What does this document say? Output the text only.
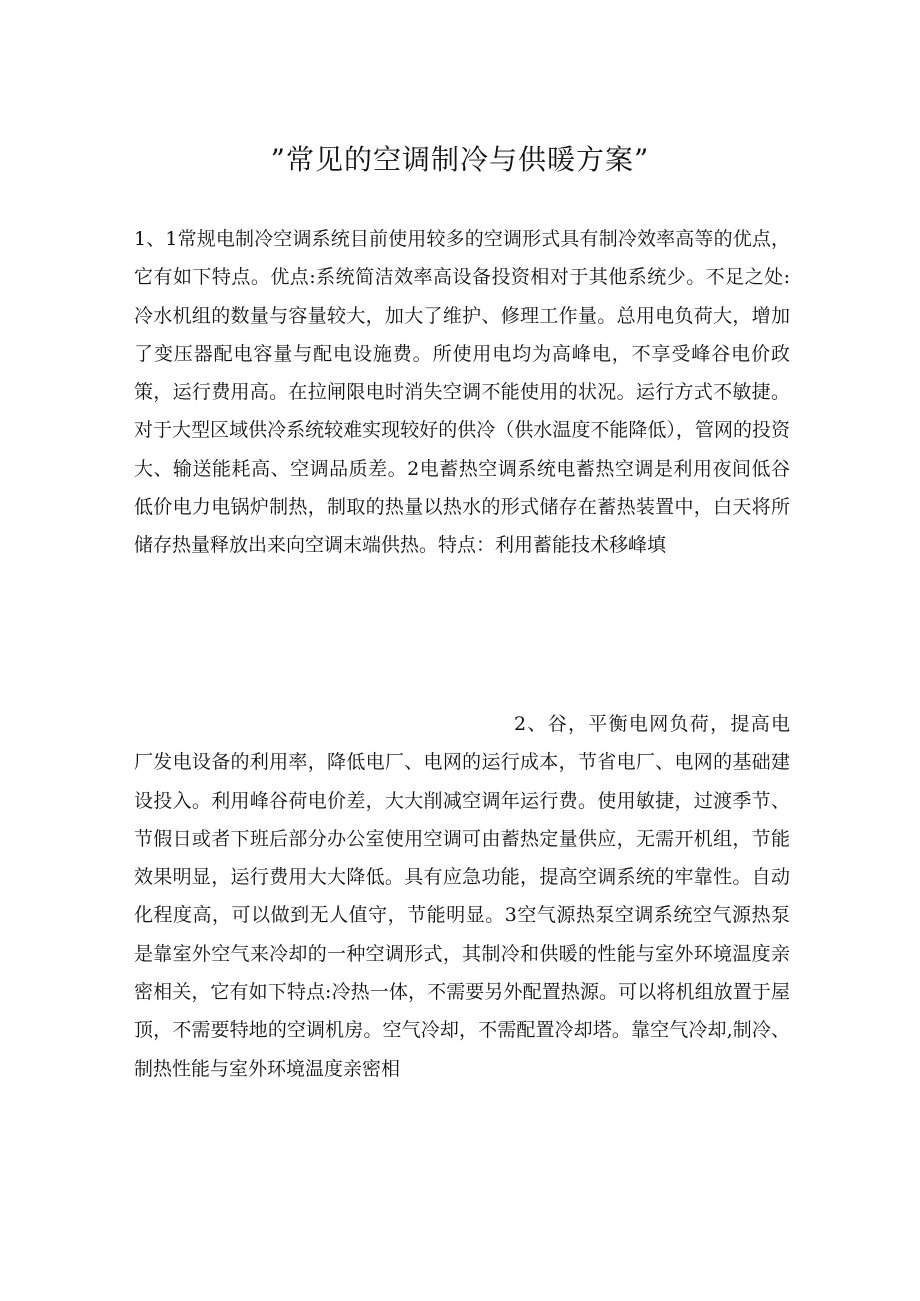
”常见的空调制冷与供暖方案”

1、1常规电制冷空调系统目前使用较多的空调形式具有制冷效率高等的优点，它有如下特点。优点:系统简洁效率高设备投资相对于其他系统少。不足之处:冷水机组的数量与容量较大，加大了维护、修理工作量。总用电负荷大，增加了变压器配电容量与配电设施费。所使用电均为高峰电，不享受峰谷电价政策，运行费用高。在拉闸限电时消失空调不能使用的状况。运行方式不敏捷。对于大型区域供冷系统较难实现较好的供冷（供水温度不能降低），管网的投资大、输送能耗高、空调品质差。2电蓄热空调系统电蓄热空调是利用夜间低谷低价电力电锅炉制热，制取的热量以热水的形式储存在蓄热装置中，白天将所储存热量释放出来向空调末端供热。特点：利用蓄能技术移峰填

2、谷，平衡电网负荷，提高电厂发电设备的利用率，降低电厂、电网的运行成本，节省电厂、电网的基础建设投入。利用峰谷荷电价差，大大削减空调年运行费。使用敏捷，过渡季节、节假日或者下班后部分办公室使用空调可由蓄热定量供应，无需开机组，节能效果明显，运行费用大大降低。具有应急功能，提高空调系统的牢靠性。自动化程度高，可以做到无人值守，节能明显。3空气源热泵空调系统空气源热泵是靠室外空气来冷却的一种空调形式，其制冷和供暖的性能与室外环境温度亲密相关，它有如下特点:冷热一体，不需要另外配置热源。可以将机组放置于屋顶，不需要特地的空调机房。空气冷却，不需配置冷却塔。靠空气冷却,制冷、制热性能与室外环境温度亲密相
